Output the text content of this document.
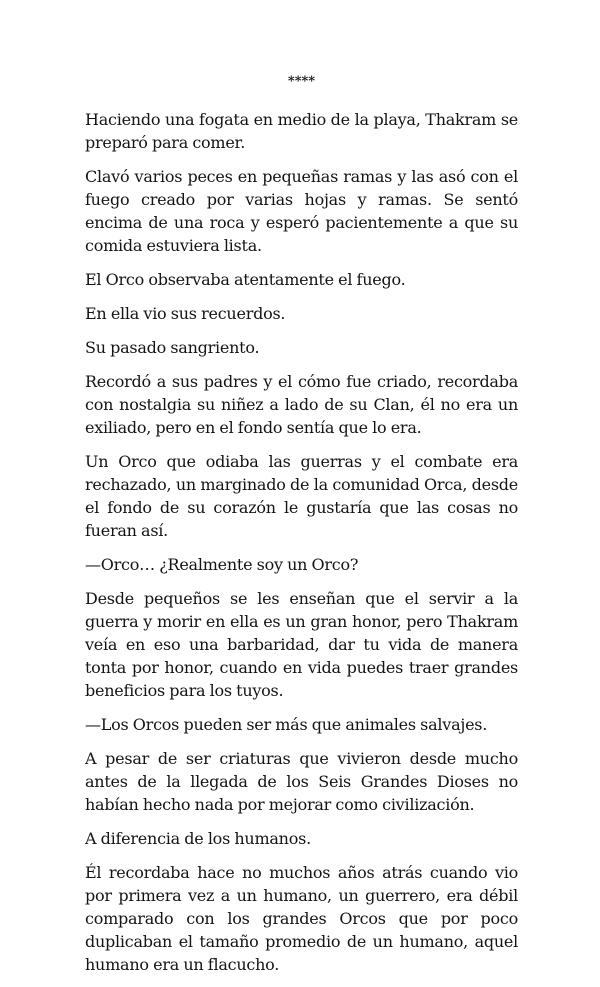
****

Haciendo una fogata en medio de la playa, Thakram se preparó para comer.

Clavó varios peces en pequeñas ramas y las asó con el fuego creado por varias hojas y ramas. Se sentó encima de una roca y esperó pacientemente a que su comida estuviera lista.

El Orco observaba atentamente el fuego.

En ella vio sus recuerdos.

Su pasado sangriento.

Recordó a sus padres y el cómo fue criado, recordaba con nostalgia su niñez a lado de su Clan, él no era un exiliado, pero en el fondo sentía que lo era.

Un Orco que odiaba las guerras y el combate era rechazado, un marginado de la comunidad Orca, desde el fondo de su corazón le gustaría que las cosas no fueran así.

—Orco… ¿Realmente soy un Orco?

Desde pequeños se les enseñan que el servir a la guerra y morir en ella es un gran honor, pero Thakram veía en eso una barbaridad, dar tu vida de manera tonta por honor, cuando en vida puedes traer grandes beneficios para los tuyos.

—Los Orcos pueden ser más que animales salvajes.

A pesar de ser criaturas que vivieron desde mucho antes de la llegada de los Seis Grandes Dioses no habían hecho nada por mejorar como civilización.

A diferencia de los humanos.

Él recordaba hace no muchos años atrás cuando vio por primera vez a un humano, un guerrero, era débil comparado con los grandes Orcos que por poco duplicaban el tamaño promedio de un humano, aquel humano era un flacucho.
